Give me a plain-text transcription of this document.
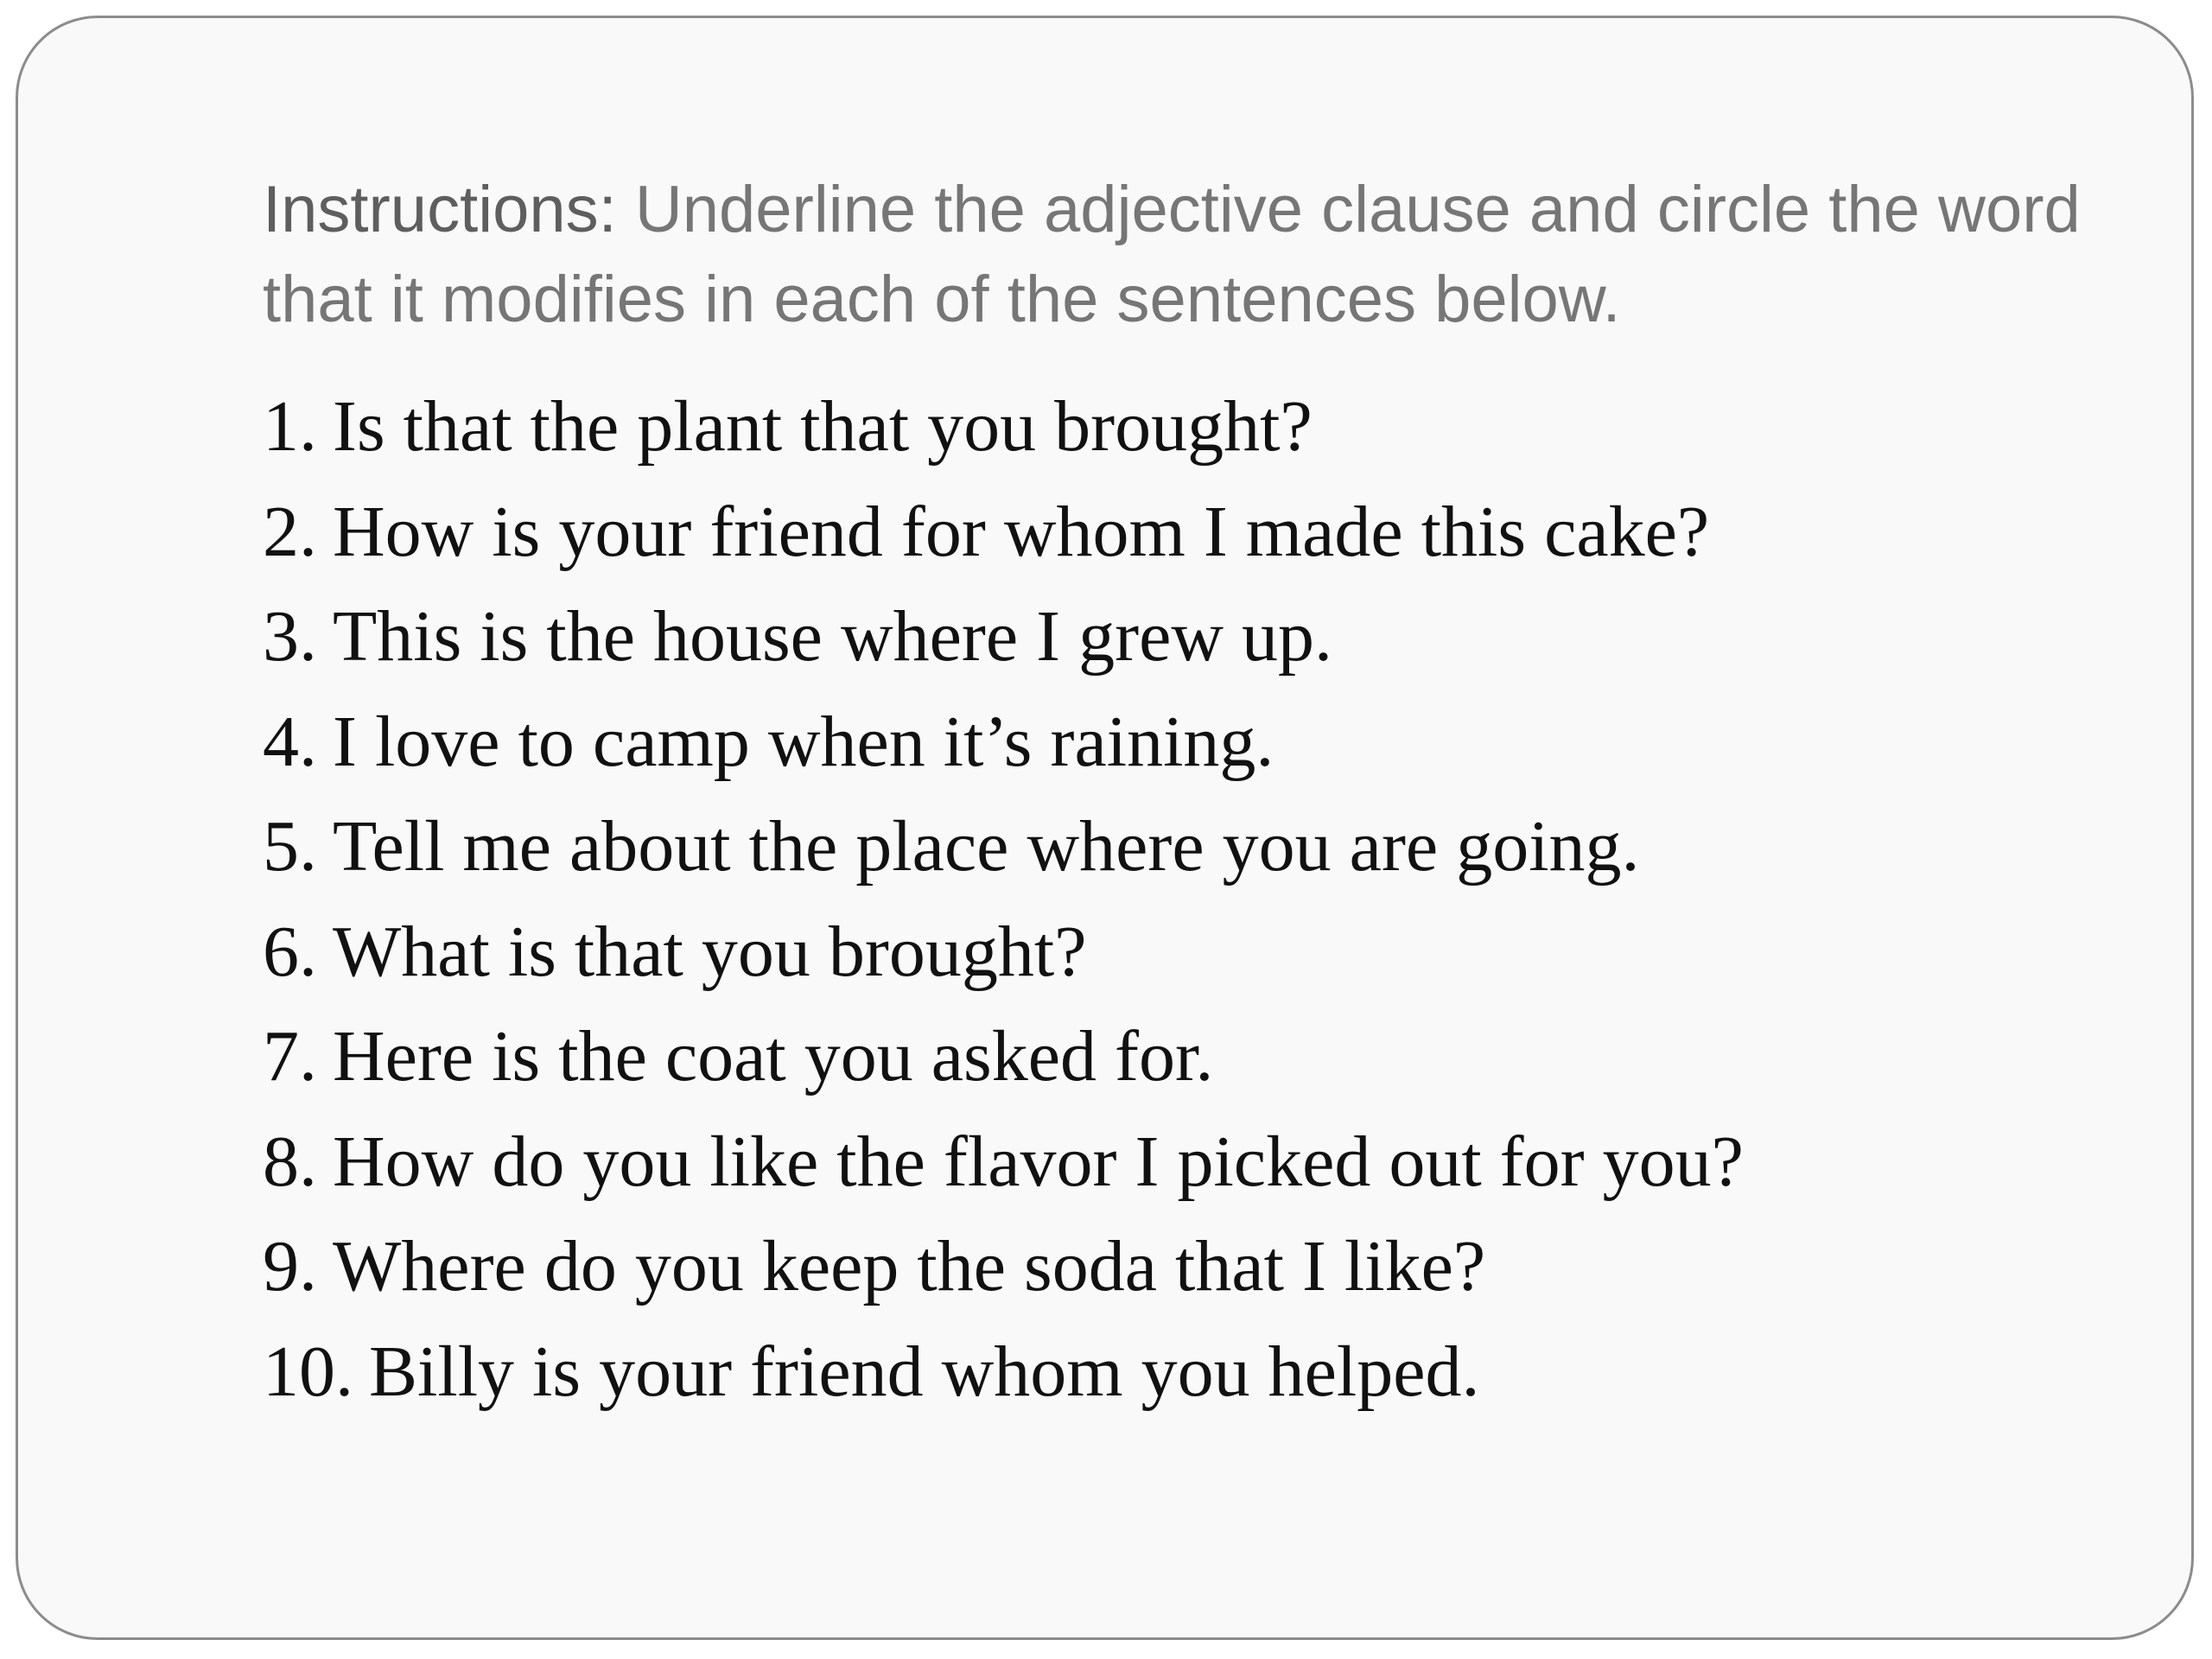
Instructions: Underline the adjective clause and circle the word that it modifies in each of the sentences below.

1. Is that the plant that you brought?
2. How is your friend for whom I made this cake?
3. This is the house where I grew up.
4. I love to camp when it’s raining.
5. Tell me about the place where you are going.
6. What is that you brought?
7. Here is the coat you asked for.
8. How do you like the flavor I picked out for you?
9. Where do you keep the soda that I like?
10. Billy is your friend whom you helped.
